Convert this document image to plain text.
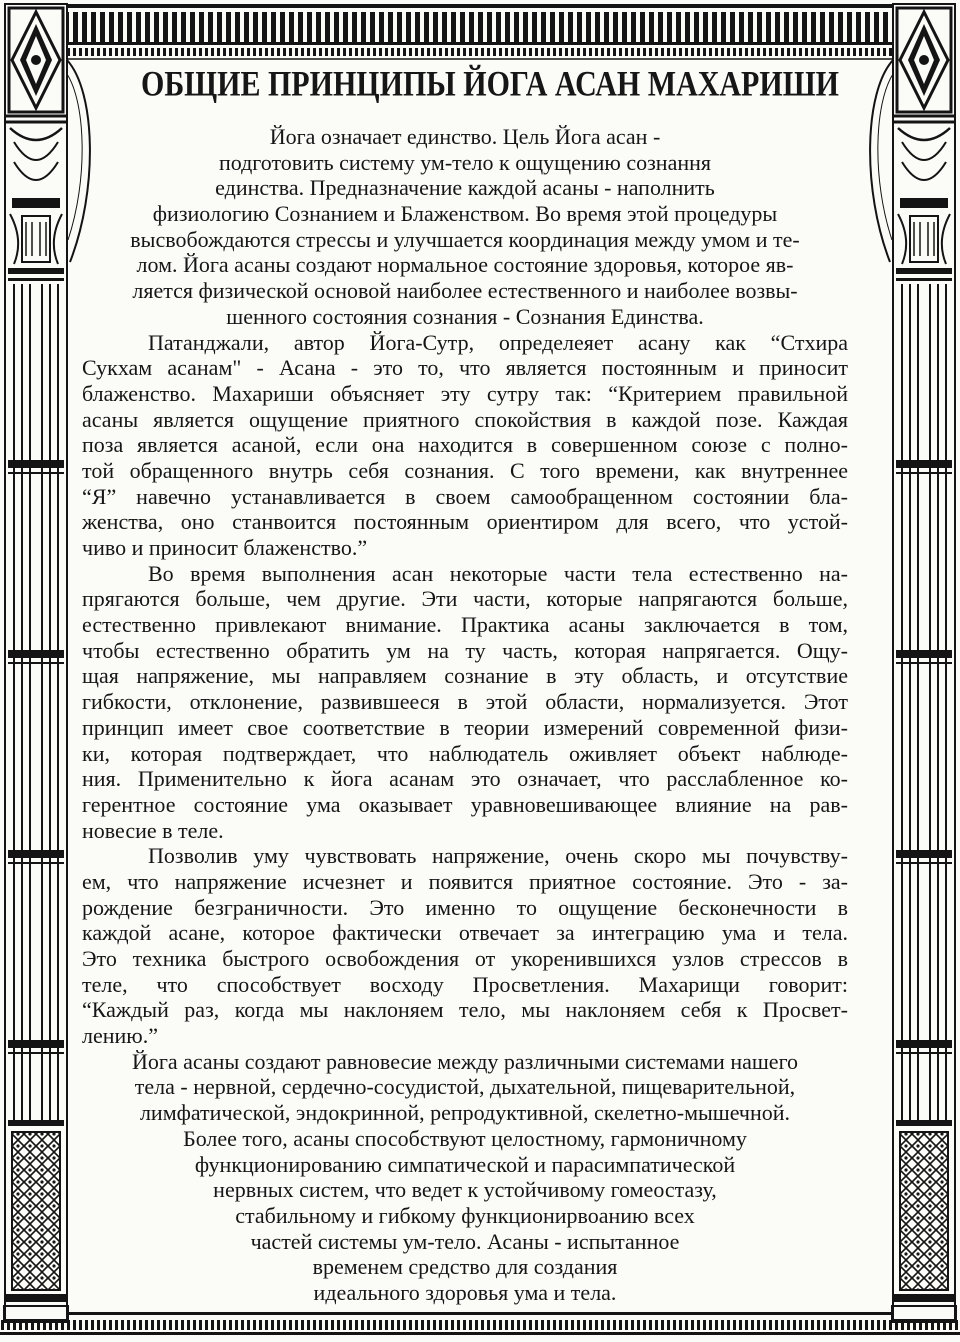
ОБЩИЕ ПРИНЦИПЫ ЙОГА АСАН МАХАРИШИ
Йога означает единство. Цель Йога асан -
подготовить систему ум-тело к ощущению сознання
единства. Предназначение каждой асаны - наполнить
физиологию Сознанием и Блаженством. Во время этой процедуры
высвобождаются стрессы и улучшается координация между умом и те-
лом. Йога асаны создают нормальное состояние здоровья, которое яв-
ляется физической основой наиболее естественного и наиболее возвы-
шенного состояния сознания - Сознания Единства.
Патанджали, автор Йога-Сутр, определеяет асану как “Стхира
Сукхам асанам" - Асана - это то, что является постоянным и приносит
блаженство. Махариши объясняет эту сутру так: “Критерием правильной
асаны является ощущение приятного спокойствия в каждой позе. Каждая
поза является асаной, если она находится в совершенном союзе с полно-
той обращенного внутрь себя сознания. С того времени, как внутреннее
“Я” навечно устанавливается в своем самообращенном состоянии бла-
женства, оно станвоится постоянным ориентиром для всего, что устой-
чиво и приносит блаженство.”
Во время выполнения асан некоторые части тела естественно на-
прягаются больше, чем другие. Эти части, которые напрягаются больше,
естественно привлекают внимание. Практика асаны заключается в том,
чтобы естественно обратить ум на ту часть, которая напрягается. Ощу-
щая напряжение, мы направляем сознание в эту область, и отсутствие
гибкости, отклонение, развившееся в этой области, нормализуется. Этот
принцип имеет свое соответствие в теории измерений современной физи-
ки, которая подтверждает, что наблюдатель оживляет объект наблюде-
ния. Применительно к йога асанам это означает, что расслабленное ко-
герентное состояние ума оказывает уравновешивающее влияние на рав-
новесие в теле.
Позволив уму чувствовать напряжение, очень скоро мы почувству-
ем, что напряжение исчезнет и появится приятное состояние. Это - за-
рождение безграничности. Это именно то ощущение бесконечности в
каждой асане, которое фактически отвечает за интеграцию ума и тела.
Это техника быстрого освобождения от укоренившихся узлов стрессов в
теле, что способствует восходу Просветления. Махарищи говорит:
“Каждый раз, когда мы наклоняем тело, мы наклоняем себя к Просвет-
лению.”
Йога асаны создают равновесие между различными системами нашего
тела - нервной, сердечно-сосудистой, дыхательной, пищеварительной,
лимфатической, эндокринной, репродуктивной, скелетно-мышечной.
Более того, асаны способствуют целостному, гармоничному
функционированию симпатической и парасимпатической
нервных систем, что ведет к устойчивому гомеостазу,
стабильному и гибкому функционирвоанию всех
частей системы ум-тело. Асаны - испытанное
временем средство для создания
идеального здоровья ума и тела.
